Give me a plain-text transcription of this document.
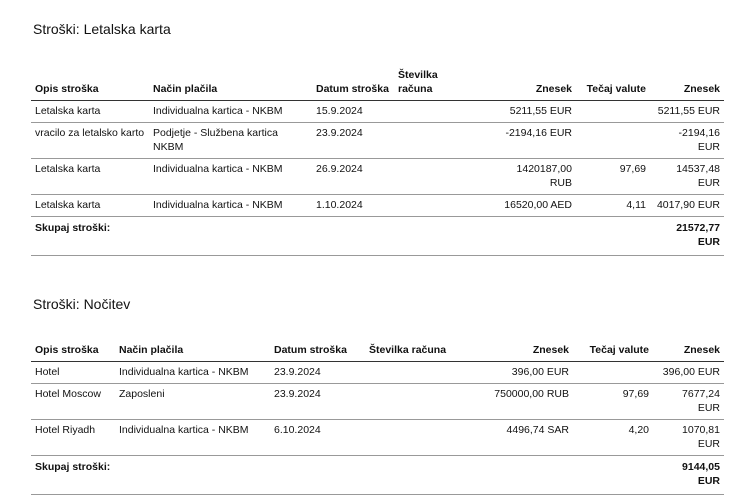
Stroški: Letalska karta
Opis stroška	Način plačila	Datum stroška	Številka računa	Znesek	Tečaj valute	Znesek
Letalska karta	Individualna kartica - NKBM	15.9.2024		5211,55 EUR		5211,55 EUR
vracilo za letalsko karto	Podjetje - Službena kartica NKBM	23.9.2024		-2194,16 EUR		-2194,16 EUR
Letalska karta	Individualna kartica - NKBM	26.9.2024		1420187,00 RUB	97,69	14537,48 EUR
Letalska karta	Individualna kartica - NKBM	1.10.2024		16520,00 AED	4,11	4017,90 EUR
Skupaj stroški:						21572,77 EUR
Stroški: Nočitev
Opis stroška	Način plačila	Datum stroška	Številka računa	Znesek	Tečaj valute	Znesek
Hotel	Individualna kartica - NKBM	23.9.2024		396,00 EUR		396,00 EUR
Hotel Moscow	Zaposleni	23.9.2024		750000,00 RUB	97,69	7677,24 EUR
Hotel Riyadh	Individualna kartica - NKBM	6.10.2024		4496,74 SAR	4,20	1070,81 EUR
Skupaj stroški:						9144,05 EUR
